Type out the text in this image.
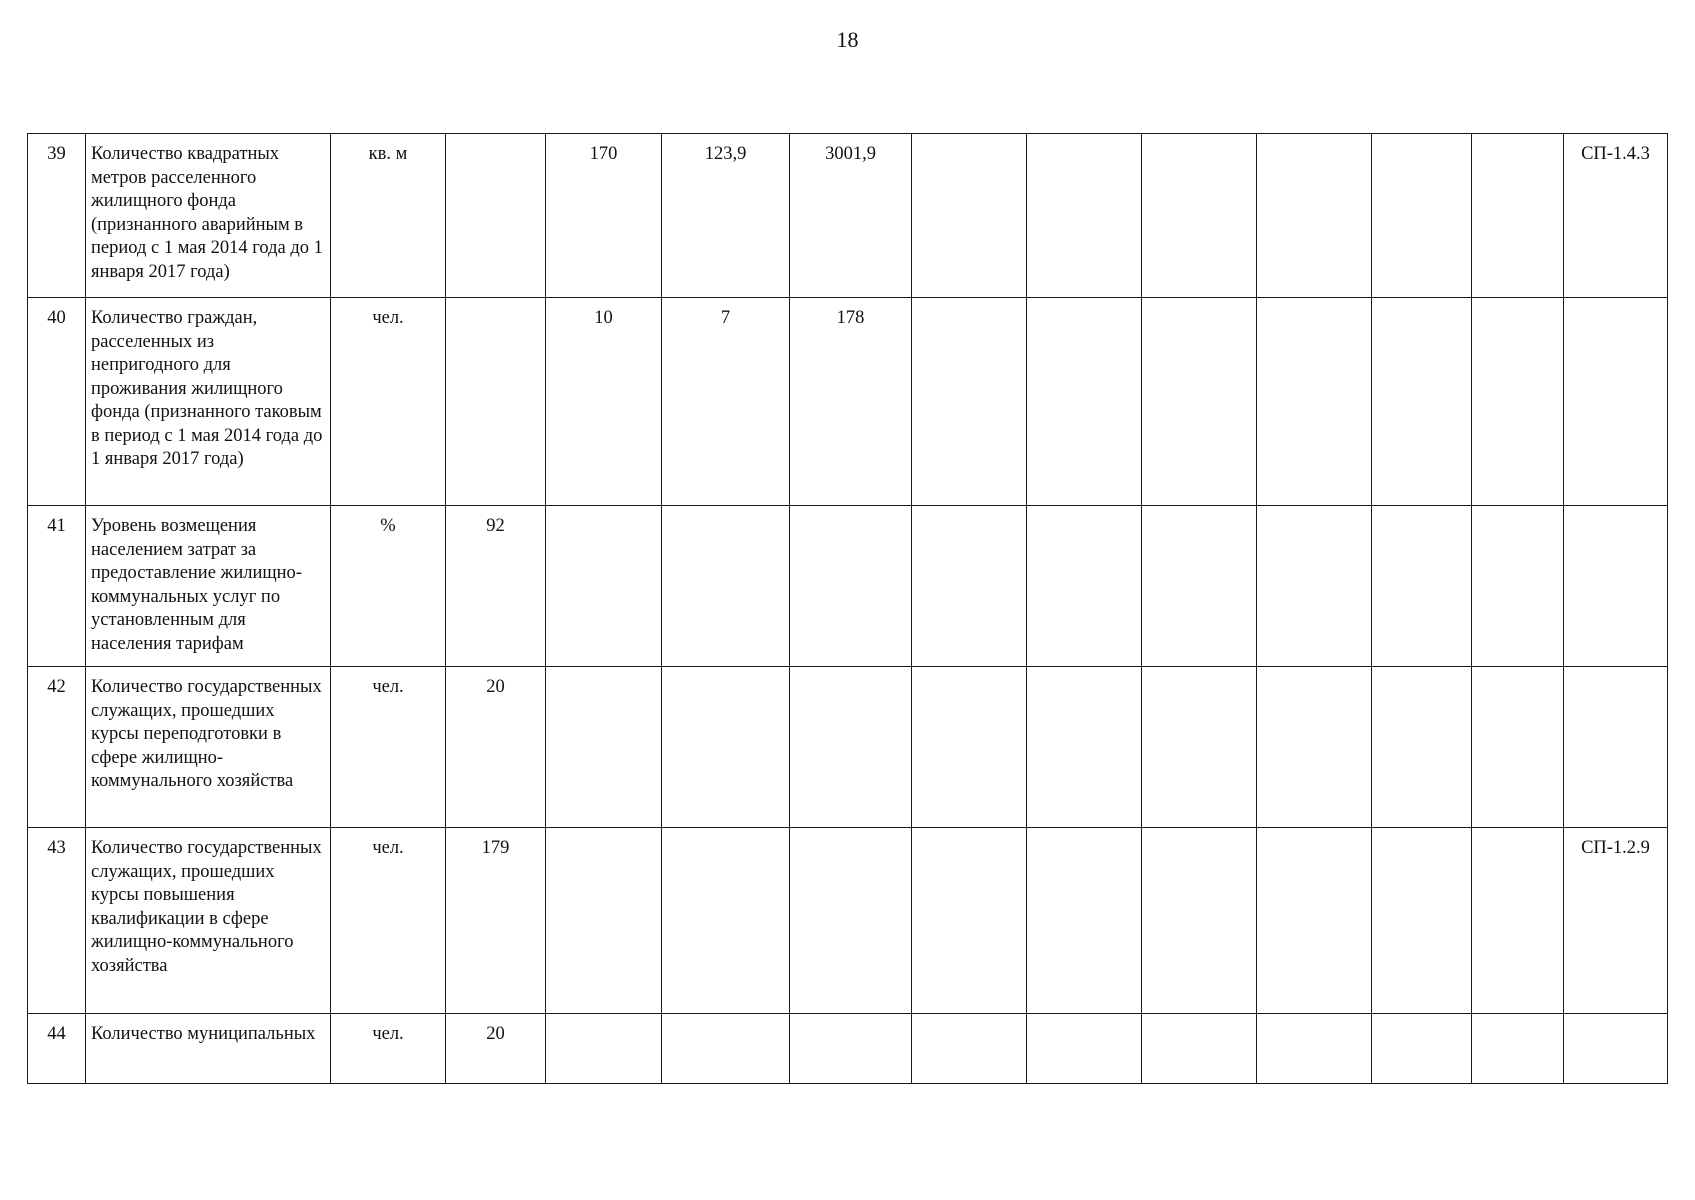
18
39	Количество квадратных метров расселенного жилищного фонда (признанного аварийным в период с 1 мая 2014 года до 1 января 2017 года)	кв. м		170	123,9	3001,9							СП-1.4.3
40	Количество граждан, расселенных из непригодного для проживания жилищного фонда (признанного таковым в период с 1 мая 2014 года до 1 января 2017 года)	чел.		10	7	178							
41	Уровень возмещения населением затрат за предоставление жилищно-коммунальных услуг по установленным для населения тарифам	%	92										
42	Количество государственных служащих, прошедших курсы переподготовки в сфере жилищно-коммунального хозяйства	чел.	20										
43	Количество государственных служащих, прошедших курсы повышения квалификации в сфере жилищно-коммунального хозяйства	чел.	179										СП-1.2.9
44	Количество муниципальных	чел.	20										
